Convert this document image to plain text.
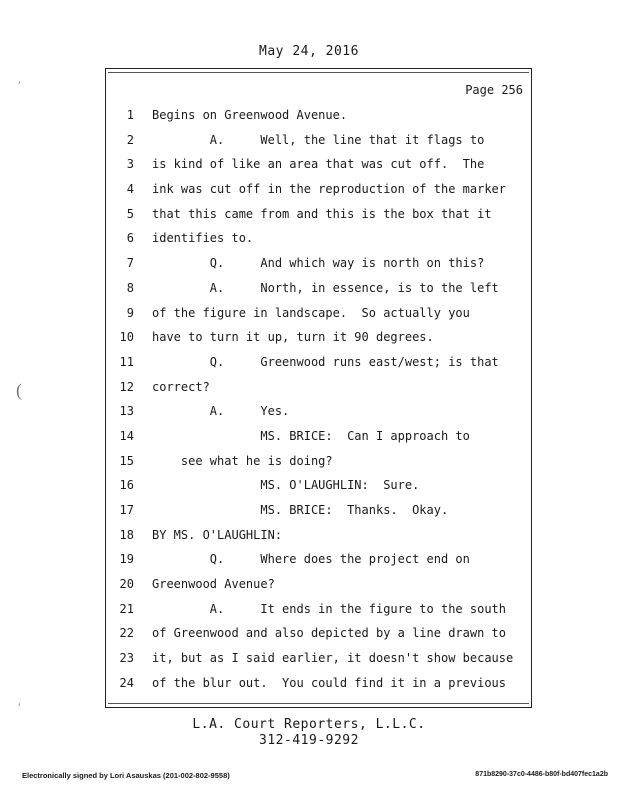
May 24, 2016
Page 256
1 Begins on Greenwood Avenue.
2 A.     Well, the line that it flags to
3 is kind of like an area that was cut off.  The
4 ink was cut off in the reproduction of the marker
5 that this came from and this is the box that it
6 identifies to.
7 Q.     And which way is north on this?
8 A.     North, in essence, is to the left
9 of the figure in landscape.  So actually you
10 have to turn it up, turn it 90 degrees.
11 Q.     Greenwood runs east/west; is that
12 correct?
13 A.     Yes.
14 MS. BRICE:  Can I approach to
15 see what he is doing?
16 MS. O'LAUGHLIN:  Sure.
17 MS. BRICE:  Thanks.  Okay.
18 BY MS. O'LAUGHLIN:
19 Q.     Where does the project end on
20 Greenwood Avenue?
21 A.     It ends in the figure to the south
22 of Greenwood and also depicted by a line drawn to
23 it, but as I said earlier, it doesn't show because
24 of the blur out.  You could find it in a previous
L.A. Court Reporters, L.L.C.
312-419-9292
Electronically signed by Lori Asauskas (201-002-802-9558)	871b8290-37c0-4486-b80f-bd407fec1a2b
′
(
′
